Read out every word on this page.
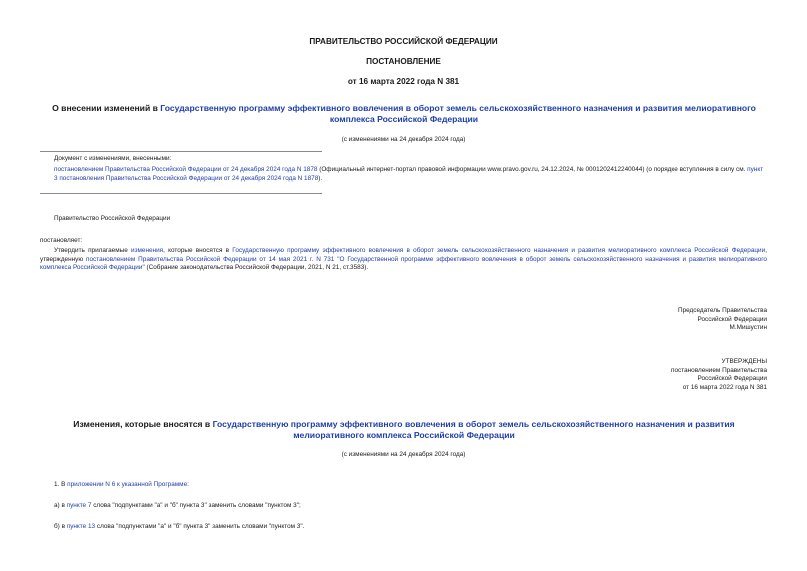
ПРАВИТЕЛЬСТВО РОССИЙСКОЙ ФЕДЕРАЦИИ
ПОСТАНОВЛЕНИЕ
от 16 марта 2022 года N 381
О внесении изменений в Государственную программу эффективного вовлечения в оборот земель сельскохозяйственного назначения и развития мелиоративного комплекса Российской Федерации
(с изменениями на 24 декабря 2024 года)
Документ с изменениями, внесенными:
постановлением Правительства Российской Федерации от 24 декабря 2024 года N 1878 (Официальный интернет-портал правовой информации www.pravo.gov.ru, 24.12.2024, № 0001202412240044) (о порядке вступления в силу см. пункт 3 постановления Правительства Российской Федерации от 24 декабря 2024 года N 1878).
Правительство Российской Федерации
постановляет:
Утвердить прилагаемые изменения, которые вносятся в Государственную программу эффективного вовлечения в оборот земель сельскохозяйственного назначения и развития мелиоративного комплекса Российской Федерации, утвержденную постановлением Правительства Российской Федерации от 14 мая 2021 г. N 731 "О Государственной программе эффективного вовлечения в оборот земель сельскохозяйственного назначения и развития мелиоративного комплекса Российской Федерации" (Собрание законодательства Российской Федерации, 2021, N 21, ст.3583).
Председатель Правительства
Российской Федерации
М.Мишустин
УТВЕРЖДЕНЫ
постановлением Правительства
Российской Федерации
от 16 марта 2022 года N 381
Изменения, которые вносятся в Государственную программу эффективного вовлечения в оборот земель сельскохозяйственного назначения и развития мелиоративного комплекса Российской Федерации
(с изменениями на 24 декабря 2024 года)
1. В приложении N 6 к указанной Программе:
а) в пункте 7 слова "подпунктами "а" и "б" пункта 3" заменить словами "пунктом 3";
б) в пункте 13 слова "подпунктами "а" и "б" пункта 3" заменить словами "пунктом 3".
